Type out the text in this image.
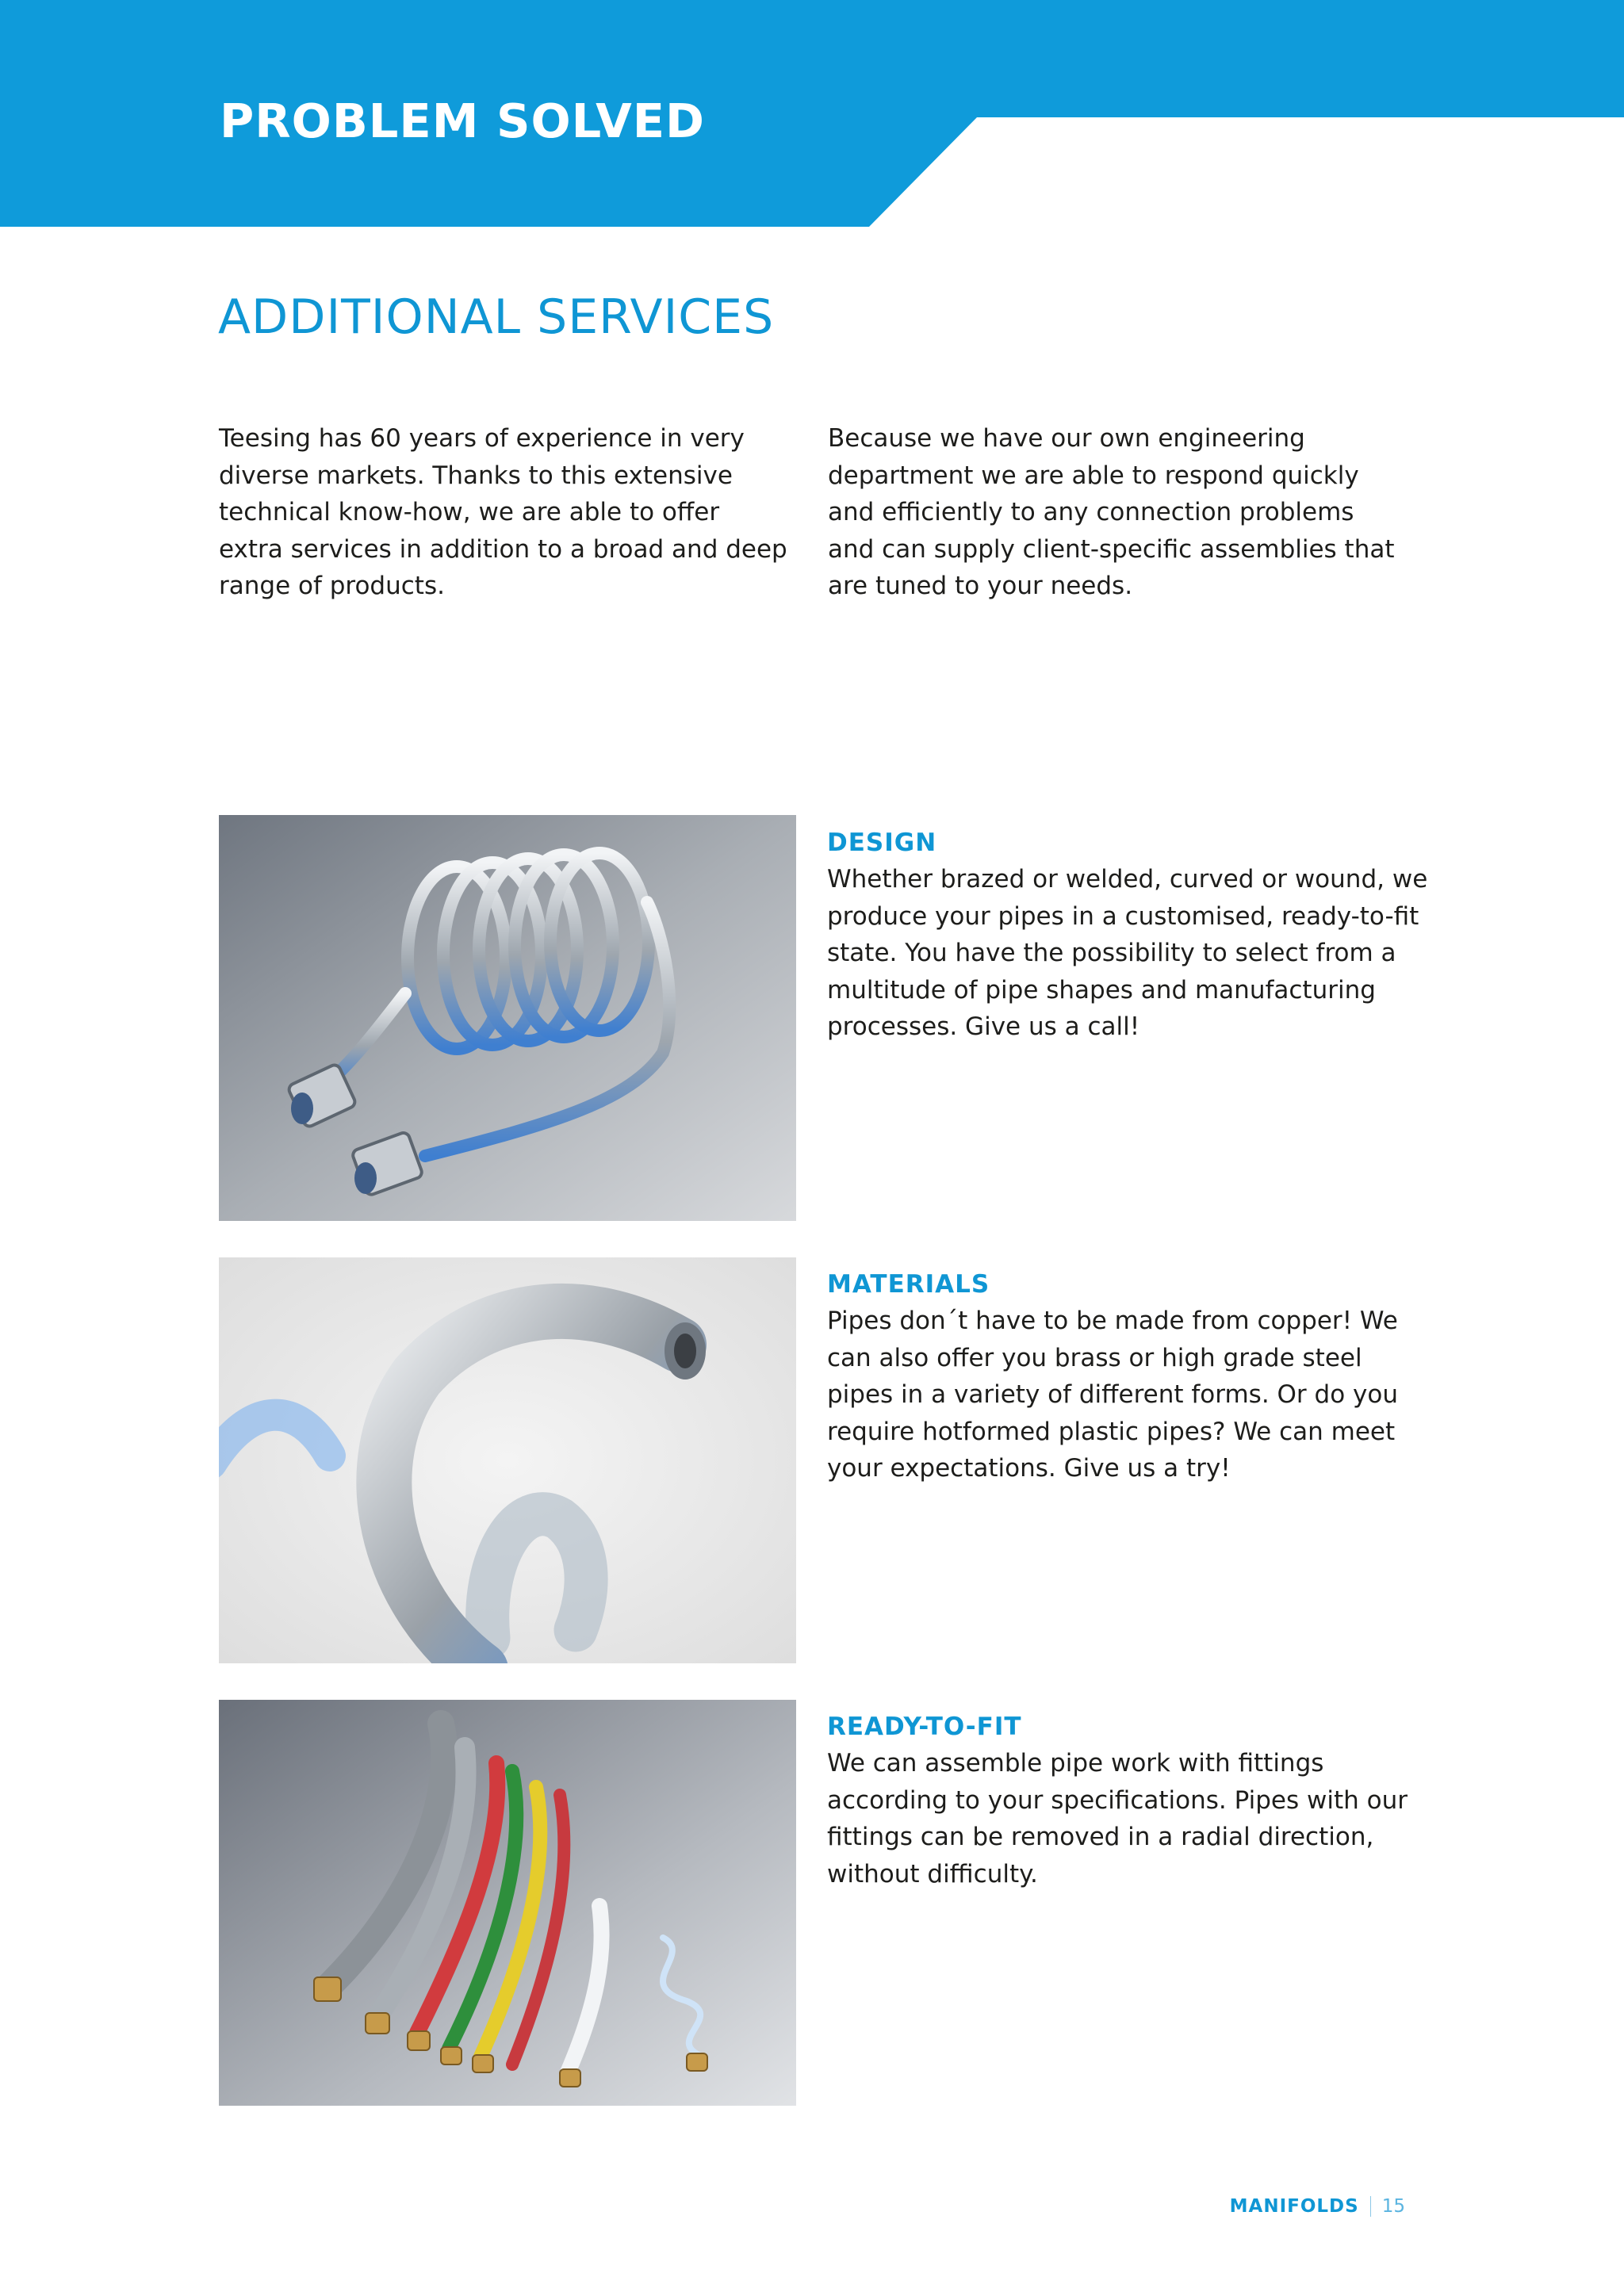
PROBLEM SOLVED
ADDITIONAL SERVICES

Teesing has 60 years of experience in very diverse markets. Thanks to this extensive technical know-how, we are able to offer extra services in addition to a broad and deep range of products.

Because we have our own engineering department we are able to respond quickly and efficiently to any connection problems and can supply client-specific assemblies that are tuned to your needs.

DESIGN

Whether brazed or welded, curved or wound, we produce your pipes in a customised, ready-to-fit state. You have the possibility to select from a multitude of pipe shapes and manufacturing processes. Give us a call!

MATERIALS

Pipes don´t have to be made from copper! We can also offer you brass or high grade steel pipes in a variety of different forms. Or do you require hotformed plastic pipes? We can meet your expectations. Give us a try!

READY-TO-FIT

We can assemble pipe work with fittings according to your specifications. Pipes with our fittings can be removed in a radial direction, without difficulty.

MANIFOLDS 15
